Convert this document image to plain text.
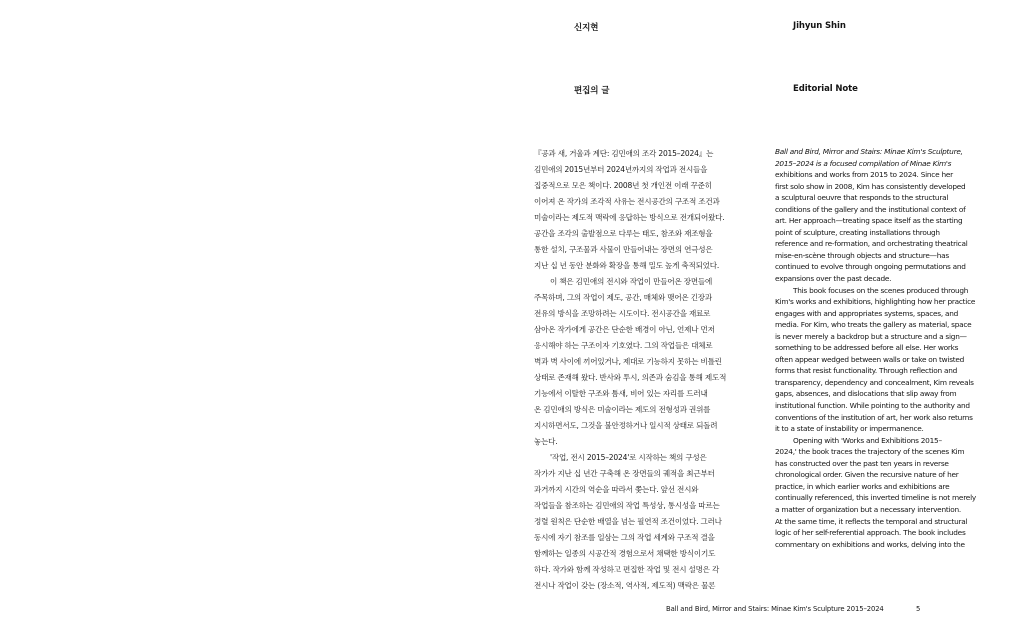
신지현	Jihyun Shin
편집의 글	Editorial Note

『공과 새, 거울과 계단: 김민애의 조각 2015–2024』는

김민애의 2015년부터 2024년까지의 작업과 전시들을

집중적으로 모은 책이다. 2008년 첫 개인전 이래 꾸준히

이어져 온 작가의 조각적 사유는 전시공간의 구조적 조건과

미술이라는 제도적 맥락에 응답하는 방식으로 전개되어왔다.

공간을 조각의 출발점으로 다루는 태도, 참조와 재조형을

통한 설치, 구조물과 사물이 만들어내는 장면의 연극성은

지난 십 년 동안 분화와 확장을 통해 밀도 높게 축적되었다.

이 책은 김민애의 전시와 작업이 만들어온 장면들에

주목하며, 그의 작업이 제도, 공간, 매체와 맺어온 긴장과

전유의 방식을 조망하려는 시도이다. 전시공간을 재료로

삼아온 작가에게 공간은 단순한 배경이 아닌, 언제나 먼저

응시해야 하는 구조이자 기호였다. 그의 작업들은 대체로

벽과 벽 사이에 끼어있거나, 제대로 기능하지 못하는 비틀린

상태로 존재해 왔다. 반사와 투시, 의존과 숨김을 통해 제도적

기능에서 이탈한 구조와 틈새, 비어 있는 자리를 드러내

온 김민애의 방식은 미술이라는 제도의 전형성과 권위를

지시하면서도, 그것을 불안정하거나 일시적 상태로 되돌려

놓는다.

'작업, 전시 2015–2024'로 시작하는 책의 구성은

작가가 지난 십 년간 구축해 온 장면들의 궤적을 최근부터

과거까지 시간의 역순을 따라서 쫓는다. 앞선 전시와

작업들을 참조하는 김민애의 작업 특성상, 통시성을 따르는

정렬 원칙은 단순한 배열을 넘는 필연적 조건이었다. 그러나

동시에 자기 참조를 일삼는 그의 작업 세계와 구조적 결을

함께하는 일종의 시공간적 경험으로서 채택한 방식이기도

하다. 작가와 함께 작성하고 편집한 작업 및 전시 설명은 각

전시나 작업이 갖는 (장소적, 역사적, 제도적) 맥락은 물론

Ball and Bird, Mirror and Stairs: Minae Kim's Sculpture,

2015–2024 is a focused compilation of Minae Kim's

exhibitions and works from 2015 to 2024. Since her

first solo show in 2008, Kim has consistently developed

a sculptural oeuvre that responds to the structural

conditions of the gallery and the institutional context of

art. Her approach—treating space itself as the starting

point of sculpture, creating installations through

reference and re-formation, and orchestrating theatrical

mise-en-scène through objects and structure—has

continued to evolve through ongoing permutations and

expansions over the past decade.

This book focuses on the scenes produced through

Kim's works and exhibitions, highlighting how her practice

engages with and appropriates systems, spaces, and

media. For Kim, who treats the gallery as material, space

is never merely a backdrop but a structure and a sign—

something to be addressed before all else. Her works

often appear wedged between walls or take on twisted

forms that resist functionality. Through reflection and

transparency, dependency and concealment, Kim reveals

gaps, absences, and dislocations that slip away from

institutional function. While pointing to the authority and

conventions of the institution of art, her work also returns

it to a state of instability or impermanence.

Opening with 'Works and Exhibitions 2015–

2024,' the book traces the trajectory of the scenes Kim

has constructed over the past ten years in reverse

chronological order. Given the recursive nature of her

practice, in which earlier works and exhibitions are

continually referenced, this inverted timeline is not merely

a matter of organization but a necessary intervention.

At the same time, it reflects the temporal and structural

logic of her self-referential approach. The book includes

commentary on exhibitions and works, delving into the

Ball and Bird, Mirror and Stairs: Minae Kim's Sculpture 2015–2024	5
